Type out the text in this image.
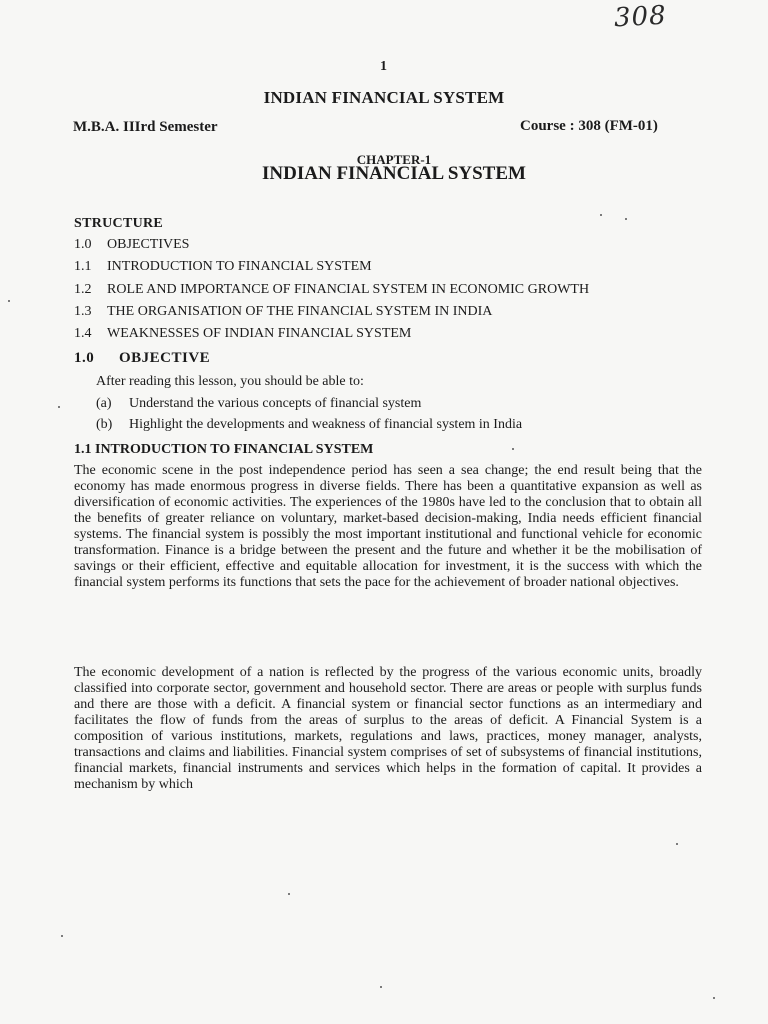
308
1
INDIAN FINANCIAL SYSTEM
M.B.A. IIIrd Semester	Course : 308 (FM-01)
CHAPTER-1
INDIAN FINANCIAL SYSTEM
STRUCTURE
1.0 OBJECTIVES
1.1 INTRODUCTION TO FINANCIAL SYSTEM
1.2 ROLE AND IMPORTANCE OF FINANCIAL SYSTEM IN ECONOMIC GROWTH
1.3 THE ORGANISATION OF THE FINANCIAL SYSTEM IN INDIA
1.4 WEAKNESSES OF INDIAN FINANCIAL SYSTEM
1.0 OBJECTIVE
After reading this lesson, you should be able to:
(a) Understand the various concepts of financial system
(b) Highlight the developments and weakness of financial system in India
1.1 INTRODUCTION TO FINANCIAL SYSTEM

The economic scene in the post independence period has seen a sea change; the end result being that the economy has made enormous progress in diverse fields. There has been a quantitative expansion as well as diversification of economic activities. The experiences of the 1980s have led to the conclusion that to obtain all the benefits of greater reliance on voluntary, market-based decision-making, India needs efficient financial systems. The financial system is possibly the most important institutional and functional vehicle for economic transformation. Finance is a bridge between the present and the future and whether it be the mobilisation of savings or their efficient, effective and equitable allocation for investment, it is the success with which the financial system performs its functions that sets the pace for the achievement of broader national objectives.

The economic development of a nation is reflected by the progress of the various economic units, broadly classified into corporate sector, government and household sector. There are areas or people with surplus funds and there are those with a deficit. A financial system or financial sector functions as an intermediary and facilitates the flow of funds from the areas of surplus to the areas of deficit. A Financial System is a composition of various institutions, markets, regulations and laws, practices, money manager, analysts, transactions and claims and liabilities. Financial system comprises of set of subsystems of financial institutions, financial markets, financial instruments and services which helps in the formation of capital. It provides a mechanism by which
